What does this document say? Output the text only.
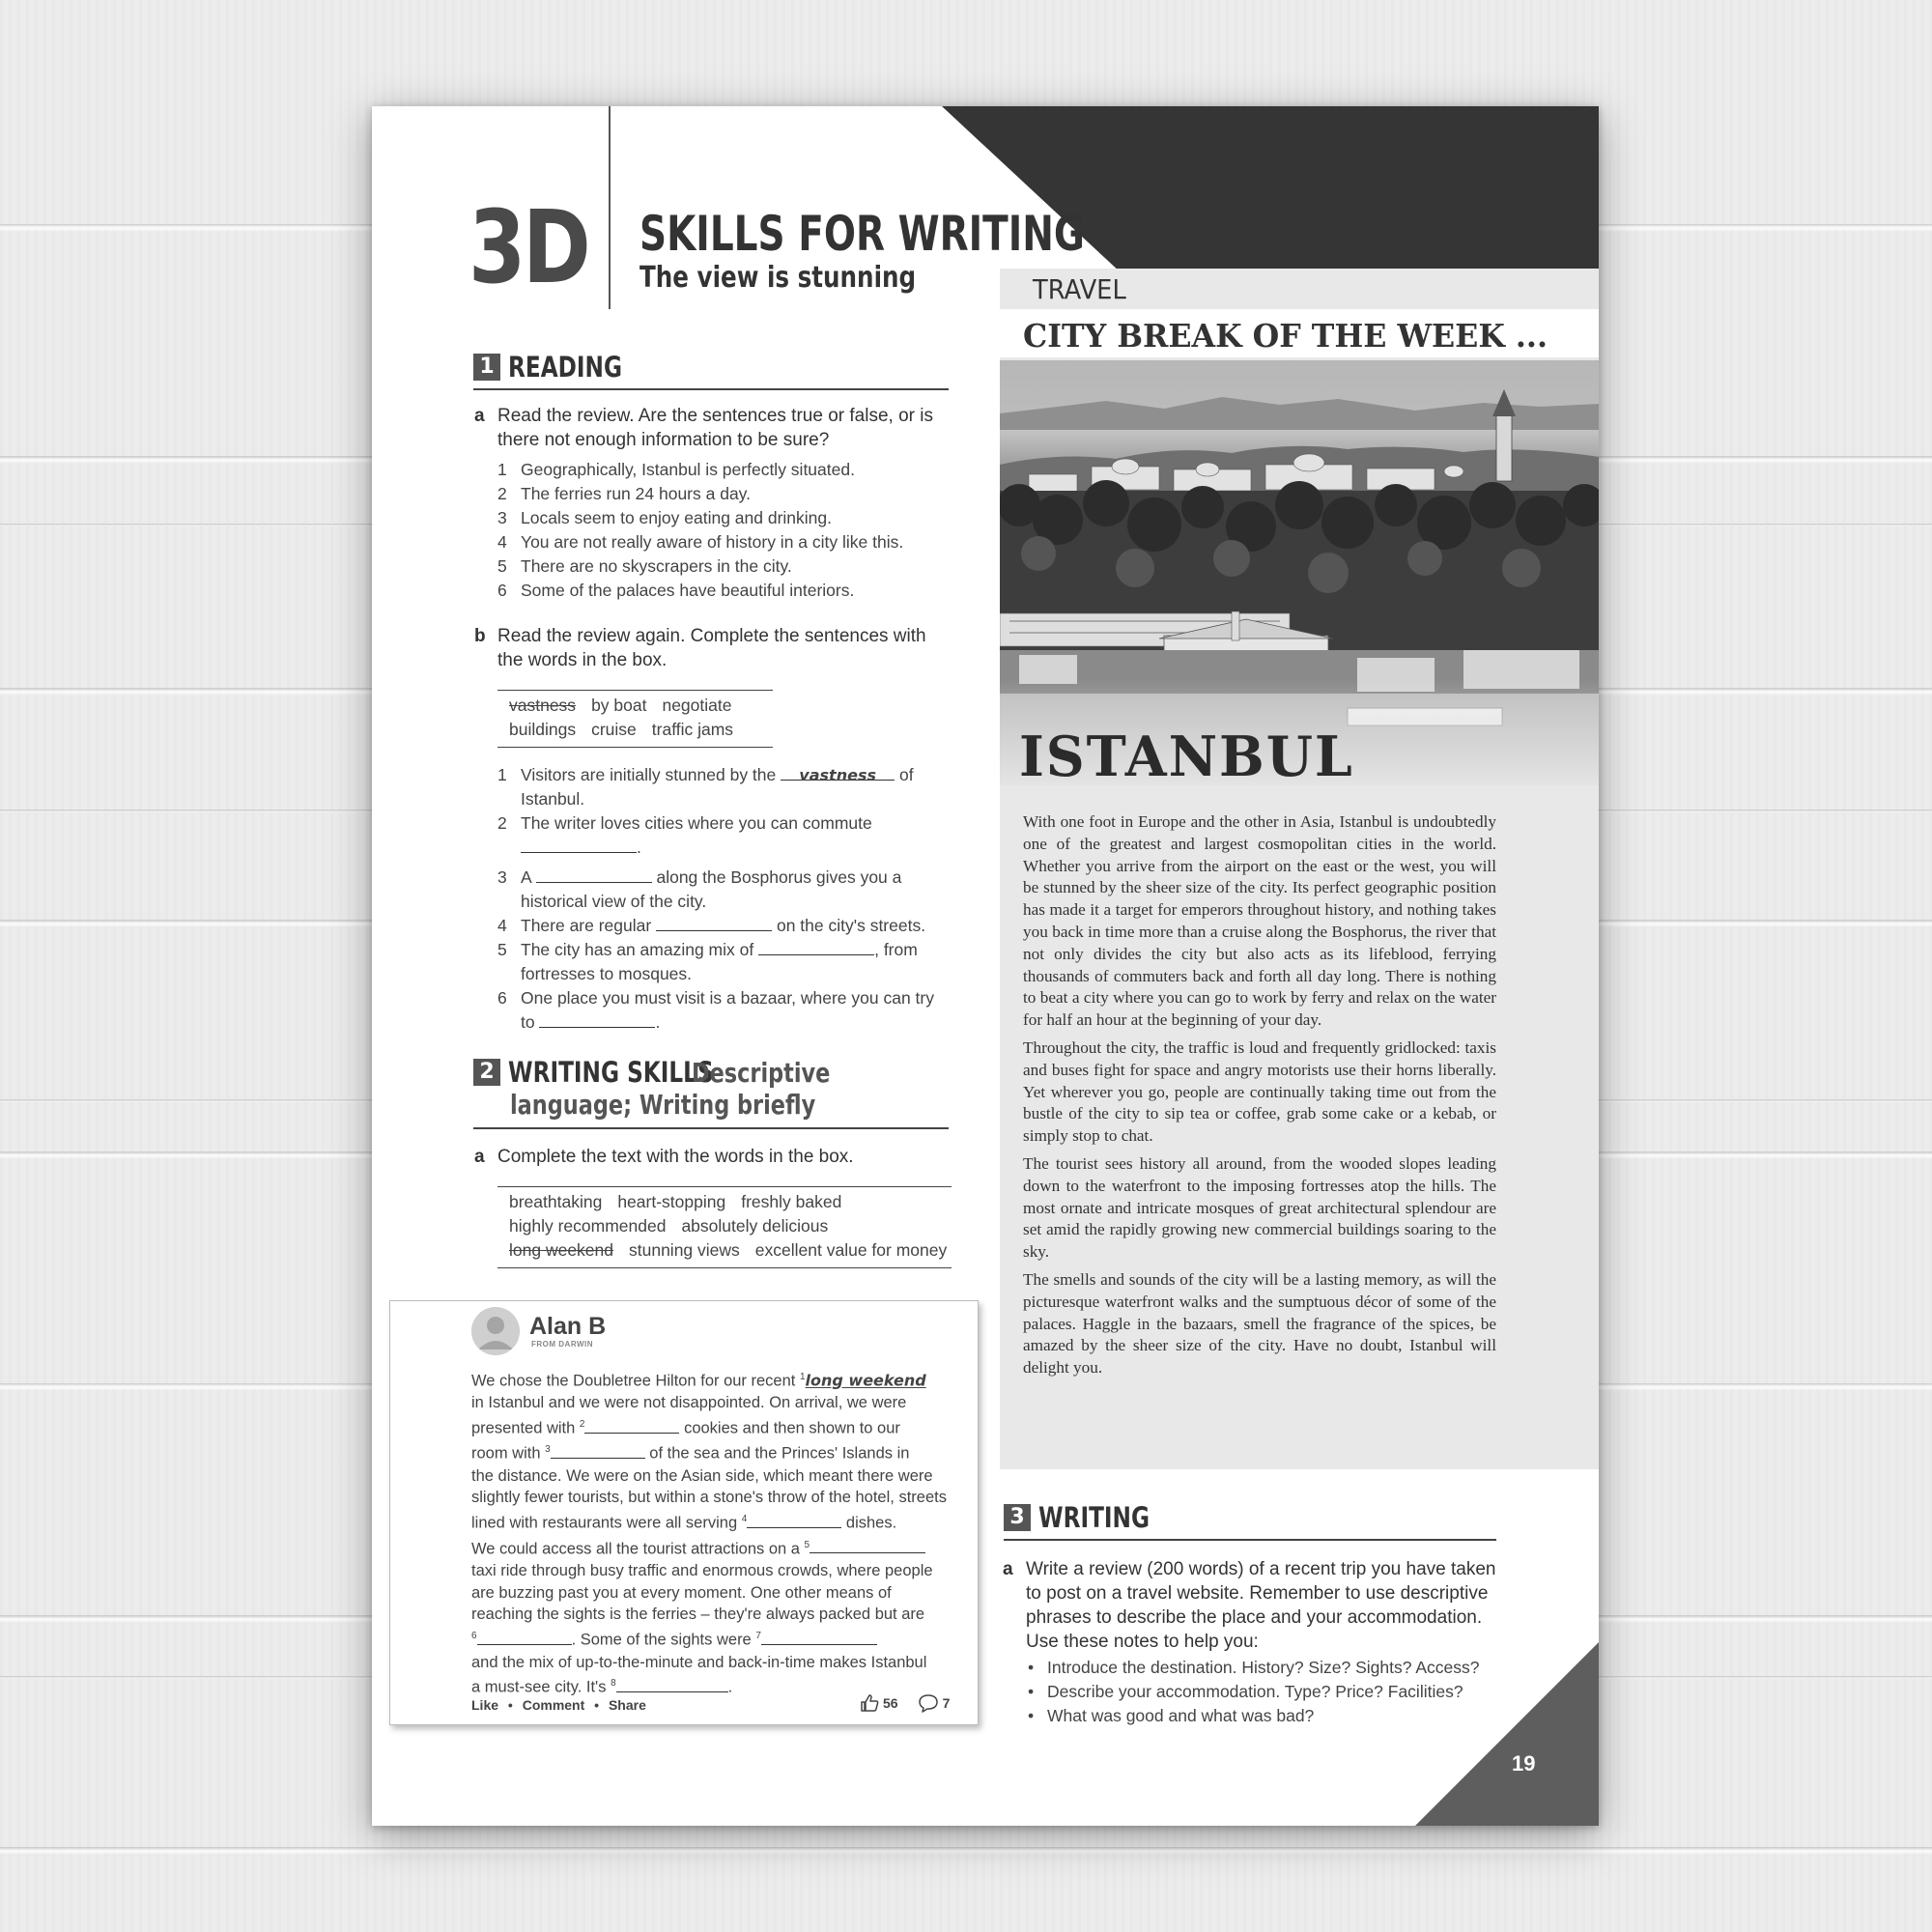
3D SKILLS FOR WRITING
The view is stunning
1 READING
a Read the review. Are the sentences true or false, or is there not enough information to be sure?
1 Geographically, Istanbul is perfectly situated.
2 The ferries run 24 hours a day.
3 Locals seem to enjoy eating and drinking.
4 You are not really aware of history in a city like this.
5 There are no skyscrapers in the city.
6 Some of the palaces have beautiful interiors.
b Read the review again. Complete the sentences with the words in the box.
vastness by boat negotiate
buildings cruise traffic jams
1 Visitors are initially stunned by the vastness of
Istanbul.
2 The writer loves cities where you can commute
.
3 A	along the Bosphorus gives you a
historical view of the city.
4 There are regular	on the city's streets.
5 The city has an amazing mix of	, from
fortresses to mosques.
6 One place you must visit is a bazaar, where you can try
to	.
2 WRITING SKILLSDescriptive
language; Writing briefly
a Complete the text with the words in the box.
breathtaking heart-stopping freshly baked
highly recommended absolutely delicious
long weekend stunning views excellent value for money
Alan B
FROM DARWIN
We chose the Doubletree Hilton for our recent $^1$long weekend
in Istanbul and we were not disappointed. On arrival, we were
presented with $^2$	cookies and then shown to our
room with $^3$	of the sea and the Princes' Islands in
the distance. We were on the Asian side, which meant there were
slightly fewer tourists, but within a stone's throw of the hotel, streets
lined with restaurants were all serving $^4$	dishes.
We could access all the tourist attractions on a $^5$
taxi ride through busy traffic and enormous crowds, where people
are buzzing past you at every moment. One other means of
reaching the sights is the ferries – they're always packed but are
$^6$	. Some of the sights were $^7$
and the mix of up-to-the-minute and back-in-time makes Istanbul
a must-see city. It's $^8$	.
Like • Comment • Share	56	7
TRAVEL
CITY BREAK OF THE WEEK ...
ISTANBUL

With one foot in Europe and the other in Asia, Istanbul is undoubtedly one of the greatest and largest cosmopolitan cities in the world. Whether you arrive from the airport on the east or the west, you will be stunned by the sheer size of the city. Its perfect geographic position has made it a target for emperors throughout history, and nothing takes you back in time more than a cruise along the Bosphorus, the river that not only divides the city but also acts as its lifeblood, ferrying thousands of commuters back and forth all day long. There is nothing to beat a city where you can go to work by ferry and relax on the water for half an hour at the beginning of your day.

Throughout the city, the traffic is loud and frequently gridlocked: taxis and buses fight for space and angry motorists use their horns liberally. Yet wherever you go, people are continually taking time out from the bustle of the city to sip tea or coffee, grab some cake or a kebab, or simply stop to chat.

The tourist sees history all around, from the wooded slopes leading down to the waterfront to the imposing fortresses atop the hills. The most ornate and intricate mosques of great architectural splendour are set amid the rapidly growing new commercial buildings soaring to the sky.

The smells and sounds of the city will be a lasting memory, as will the picturesque waterfront walks and the sumptuous décor of some of the palaces. Haggle in the bazaars, smell the fragrance of the spices, be amazed by the sheer size of the city. Have no doubt, Istanbul will delight you.

3 WRITING
a Write a review (200 words) of a recent trip you have taken to post on a travel website. Remember to use descriptive phrases to describe the place and your accommodation. Use these notes to help you:
• Introduce the destination. History? Size? Sights? Access?
• Describe your accommodation. Type? Price? Facilities?
• What was good and what was bad?
19
